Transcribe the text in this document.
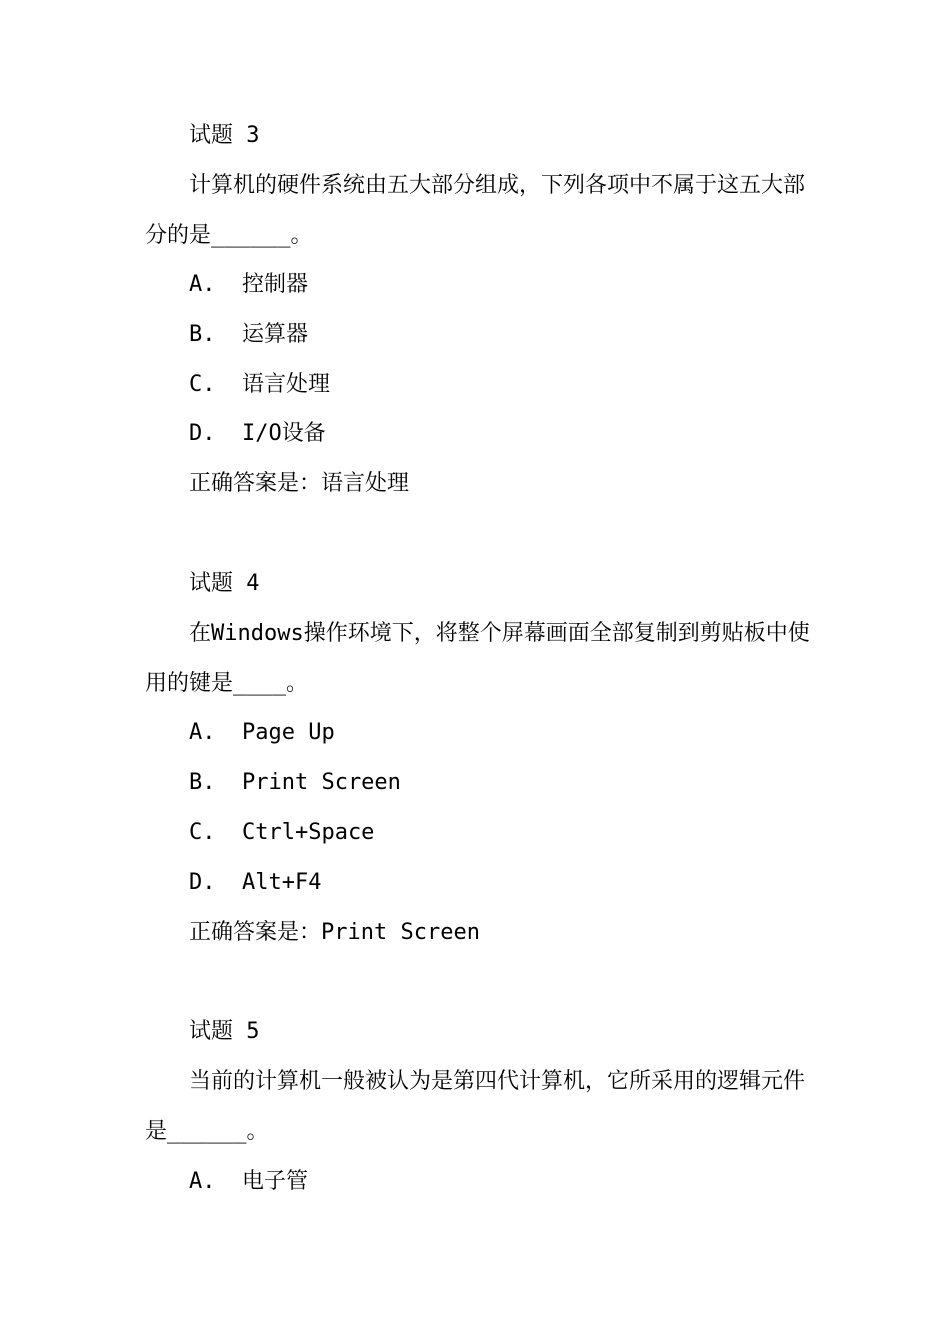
试题 3
计算机的硬件系统由五大部分组成，下列各项中不属于这五大部
分的是______。
A.  控制器
B.  运算器
C.  语言处理
D.  I/O设备
正确答案是：语言处理
试题 4
在Windows操作环境下，将整个屏幕画面全部复制到剪贴板中使
用的键是____。
A.  Page Up
B.  Print Screen
C.  Ctrl+Space
D.  Alt+F4
正确答案是：Print Screen
试题 5
当前的计算机一般被认为是第四代计算机，它所采用的逻辑元件
是______。
A.  电子管
